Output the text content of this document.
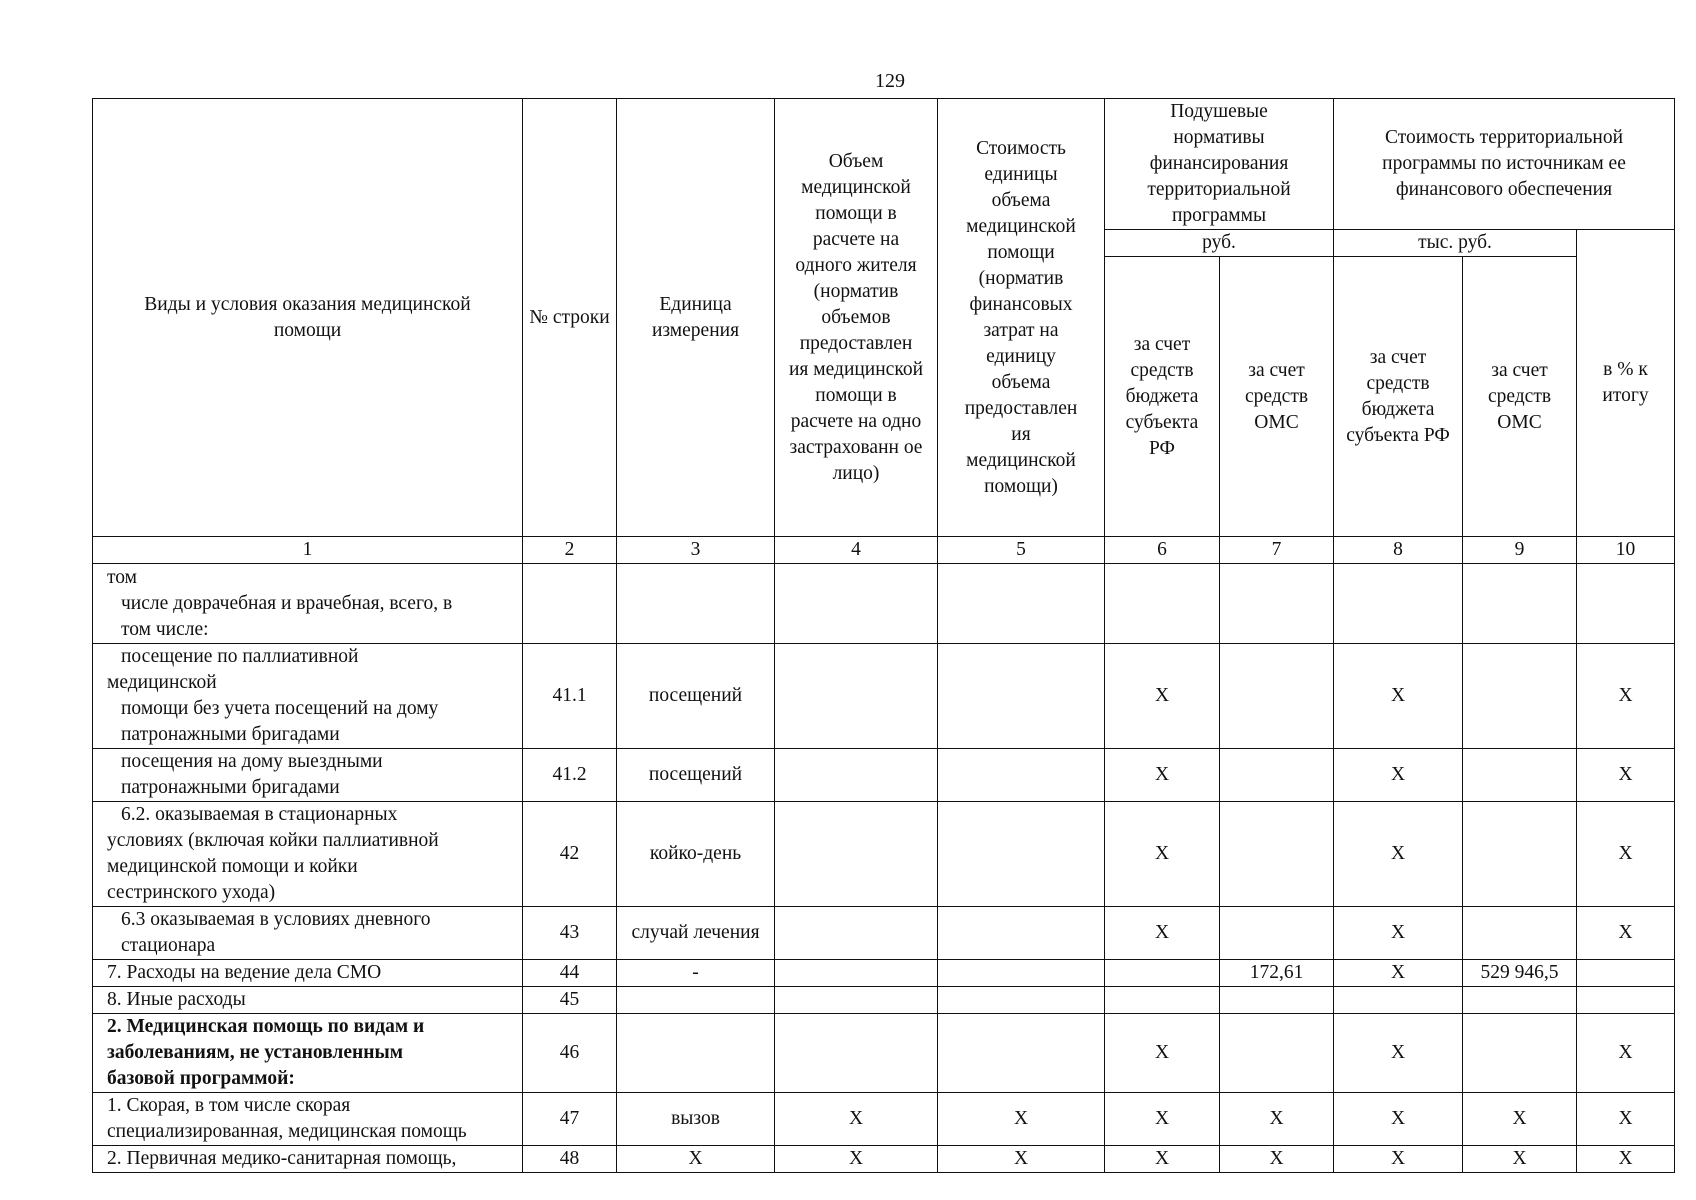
129
Виды и условия оказания медицинской помощи	№ строки	Единица измерения	Объем медицинской помощи в расчете на одного жителя (норматив объемов предоставлен ия медицинской помощи в расчете на одно застрахованн ое лицо)	Стоимость единицы объема медицинской помощи (норматив финансовых затрат на единицу объема предоставлен ия медицинской помощи)	Подушевые нормативы финансирования территориальной программы		Стоимость территориальной программы по источникам ее финансового обеспечения		
					руб.		тыс. руб.		в % к итогу
					за счет средств бюджета субъекта РФ	за счет средств ОМС	за счет средств бюджета субъекта РФ	за счет средств ОМС	
1	2	3	4	5	6	7	8	9	10

том
числе доврачебная и врачебная, всего, в
том числе:									

посещение по паллиативной
медицинской
помощи без учета посещений на дому
патронажными бригадами	41.1	посещений			X		X		X

посещения на дому выездными
патронажными бригадами	41.2	посещений			X		X		X

6.2. оказываемая в стационарных
условиях (включая койки паллиативной
медицинской помощи и койки
сестринского ухода)	42	койко-день			X		X		X

6.3 оказываемая в условиях дневного
стационара	43	случай лечения			X		X		X

7. Расходы на ведение дела СМО	44	-				172,61	X	529 946,5	

8. Иные расходы	45								

2. Медицинская помощь по видам и
заболеваниям, не установленным
базовой программой:	46				X		X		X

1. Скорая, в том числе скорая
специализированная, медицинская помощь	47	вызов	X	X	X	X	X	X	X

2. Первичная медико-санитарная помощь,	48	X	X	X	X	X	X	X	X
